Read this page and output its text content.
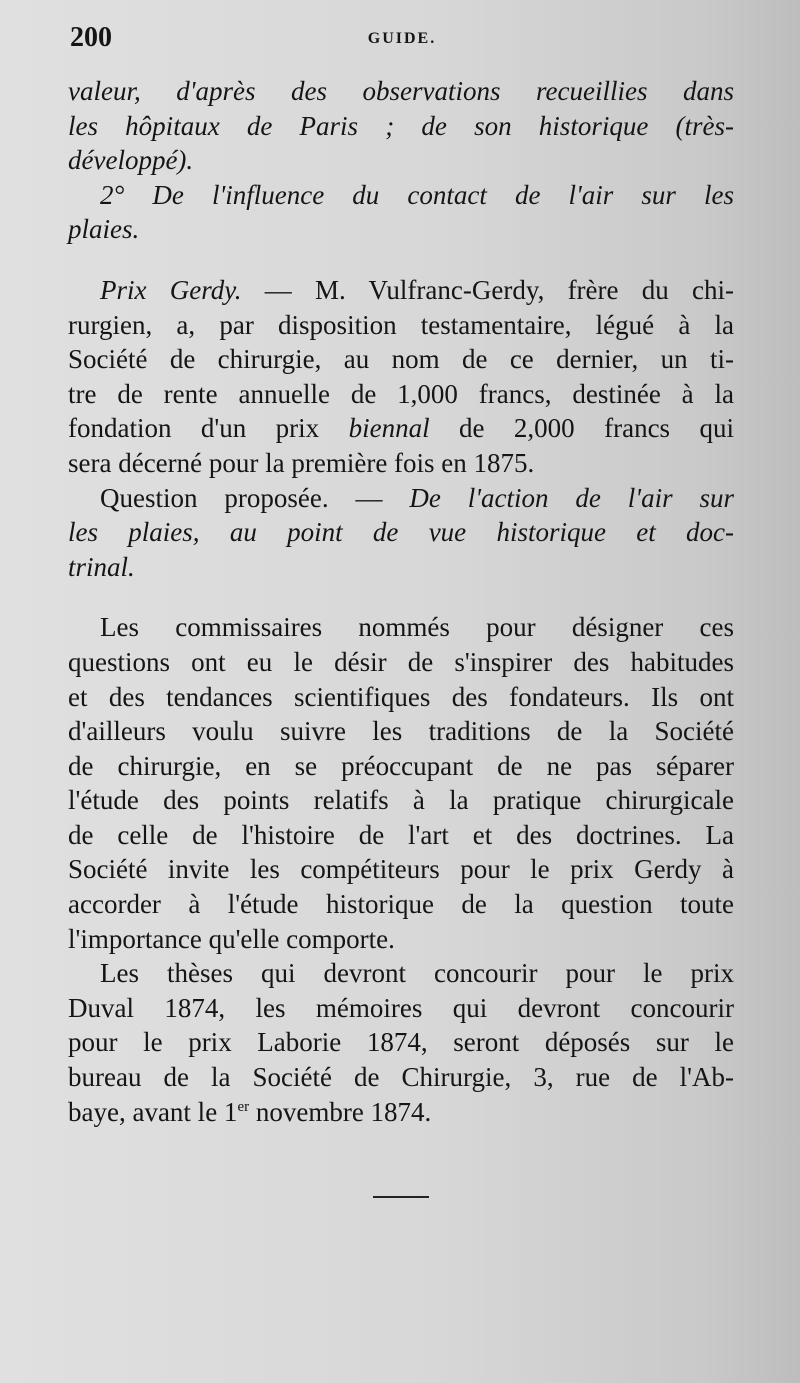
200	GUIDE.
valeur, d'après des observations recueillies dans
les hôpitaux de Paris ; de son historique (très-
développé).
2° De l'influence du contact de l'air sur les
plaies.
Prix Gerdy. — M. Vulfranc-Gerdy, frère du chi-
rurgien, a, par disposition testamentaire, légué à la
Société de chirurgie, au nom de ce dernier, un ti-
tre de rente annuelle de 1,000 francs, destinée à la
fondation d'un prix biennal de 2,000 francs qui
sera décerné pour la première fois en 1875.
Question proposée. — De l'action de l'air sur
les plaies, au point de vue historique et doc-
trinal.
Les commissaires nommés pour désigner ces
questions ont eu le désir de s'inspirer des habitudes
et des tendances scientifiques des fondateurs. Ils ont
d'ailleurs voulu suivre les traditions de la Société
de chirurgie, en se préoccupant de ne pas séparer
l'étude des points relatifs à la pratique chirurgicale
de celle de l'histoire de l'art et des doctrines. La
Société invite les compétiteurs pour le prix Gerdy à
accorder à l'étude historique de la question toute
l'importance qu'elle comporte.
Les thèses qui devront concourir pour le prix
Duval 1874, les mémoires qui devront concourir
pour le prix Laborie 1874, seront déposés sur le
bureau de la Société de Chirurgie, 3, rue de l'Ab-
baye, avant le 1er novembre 1874.
